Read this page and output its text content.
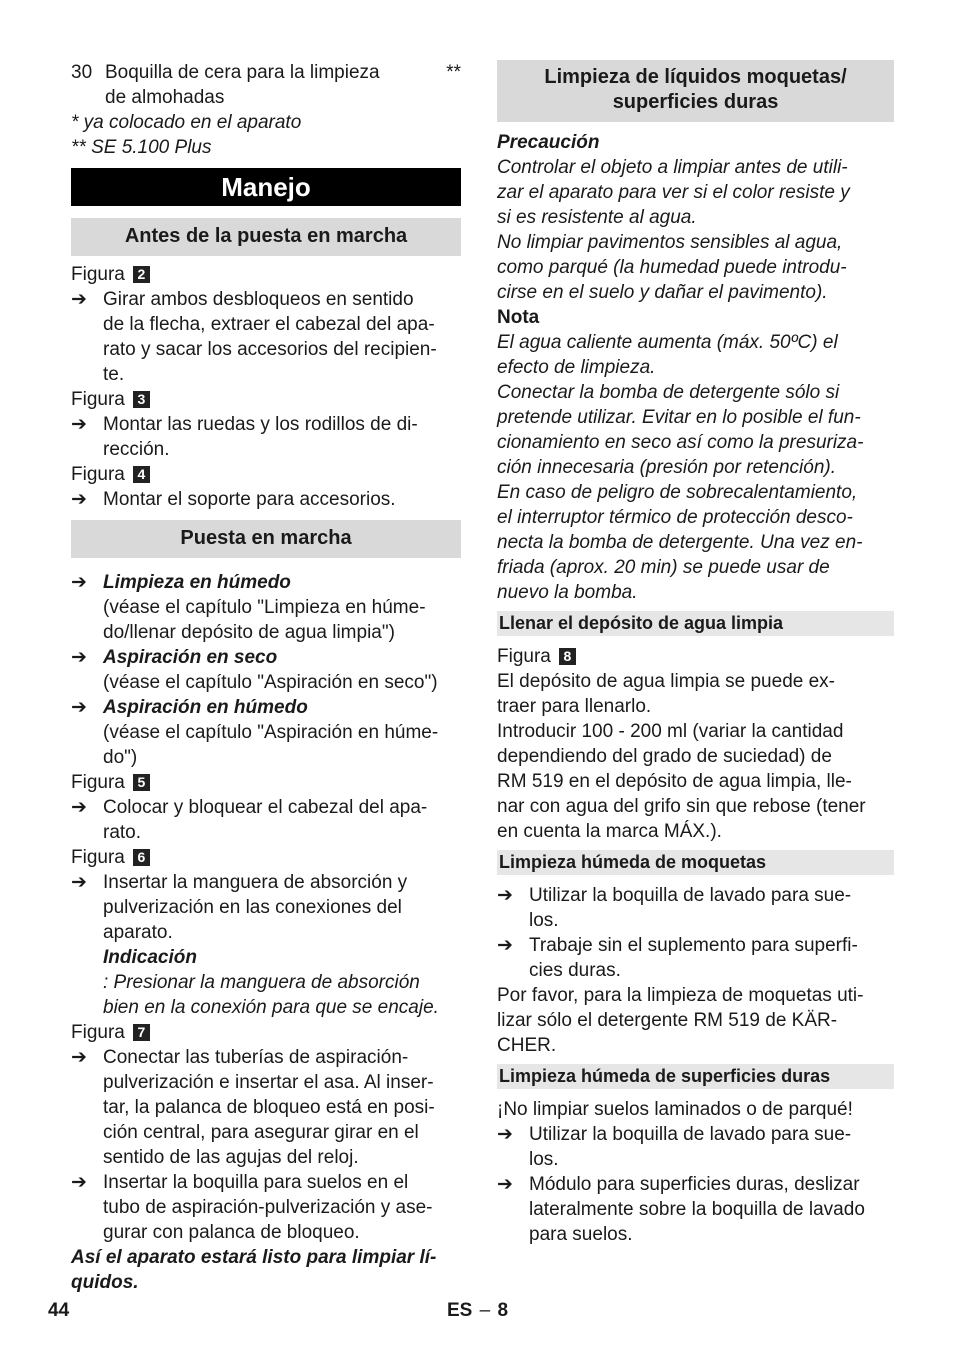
30 Boquilla de cera para la limpieza
de almohadas
**
* ya colocado en el aparato
** SE 5.100 Plus
Manejo
Antes de la puesta en marcha
Figura 2
➔ Girar ambos desbloqueos en sentido
de la flecha, extraer el cabezal del apa-
rato y sacar los accesorios del recipien-
te.
Figura 3
➔ Montar las ruedas y los rodillos de di-
rección.
Figura 4
➔ Montar el soporte para accesorios.
Puesta en marcha
➔ Limpieza en húmedo
(véase el capítulo "Limpieza en húme-
do/llenar depósito de agua limpia")
➔ Aspiración en seco
(véase el capítulo "Aspiración en seco")
➔ Aspiración en húmedo
(véase el capítulo "Aspiración en húme-
do")
Figura 5
➔ Colocar y bloquear el cabezal del apa-
rato.
Figura 6
➔ Insertar la manguera de absorción y
pulverización en las conexiones del
aparato.
Indicación
: Presionar la manguera de absorción
bien en la conexión para que se encaje.
Figura 7
➔ Conectar las tuberías de aspiración-
pulverización e insertar el asa. Al inser-
tar, la palanca de bloqueo está en posi-
ción central, para asegurar girar en el
sentido de las agujas del reloj.
➔ Insertar la boquilla para suelos en el
tubo de aspiración-pulverización y ase-
gurar con palanca de bloqueo.
Así el aparato estará listo para limpiar lí-
quidos.
Limpieza de líquidos moquetas/
superficies duras
Precaución
Controlar el objeto a limpiar antes de utili-
zar el aparato para ver si el color resiste y
si es resistente al agua.
No limpiar pavimentos sensibles al agua,
como parqué (la humedad puede introdu-
cirse en el suelo y dañar el pavimento).
Nota
El agua caliente aumenta (máx. 50ºC) el
efecto de limpieza.
Conectar la bomba de detergente sólo si
pretende utilizar. Evitar en lo posible el fun-
cionamiento en seco así como la presuriza-
ción innecesaria (presión por retención).
En caso de peligro de sobrecalentamiento,
el interruptor térmico de protección desco-
necta la bomba de detergente. Una vez en-
friada (aprox. 20 min) se puede usar de
nuevo la bomba.
Llenar el depósito de agua limpia
Figura 8
El depósito de agua limpia se puede ex-
traer para llenarlo.
Introducir 100 - 200 ml (variar la cantidad
dependiendo del grado de suciedad) de
RM 519 en el depósito de agua limpia, lle-
nar con agua del grifo sin que rebose (tener
en cuenta la marca MÁX.).
Limpieza húmeda de moquetas
➔ Utilizar la boquilla de lavado para sue-
los.
➔ Trabaje sin el suplemento para superfi-
cies duras.
Por favor, para la limpieza de moquetas uti-
lizar sólo el detergente RM 519 de KÄR-
CHER.
Limpieza húmeda de superficies duras
¡No limpiar suelos laminados o de parqué!
➔ Utilizar la boquilla de lavado para sue-
los.
➔ Módulo para superficies duras, deslizar
lateralmente sobre la boquilla de lavado
para suelos.
44	ES – 8
